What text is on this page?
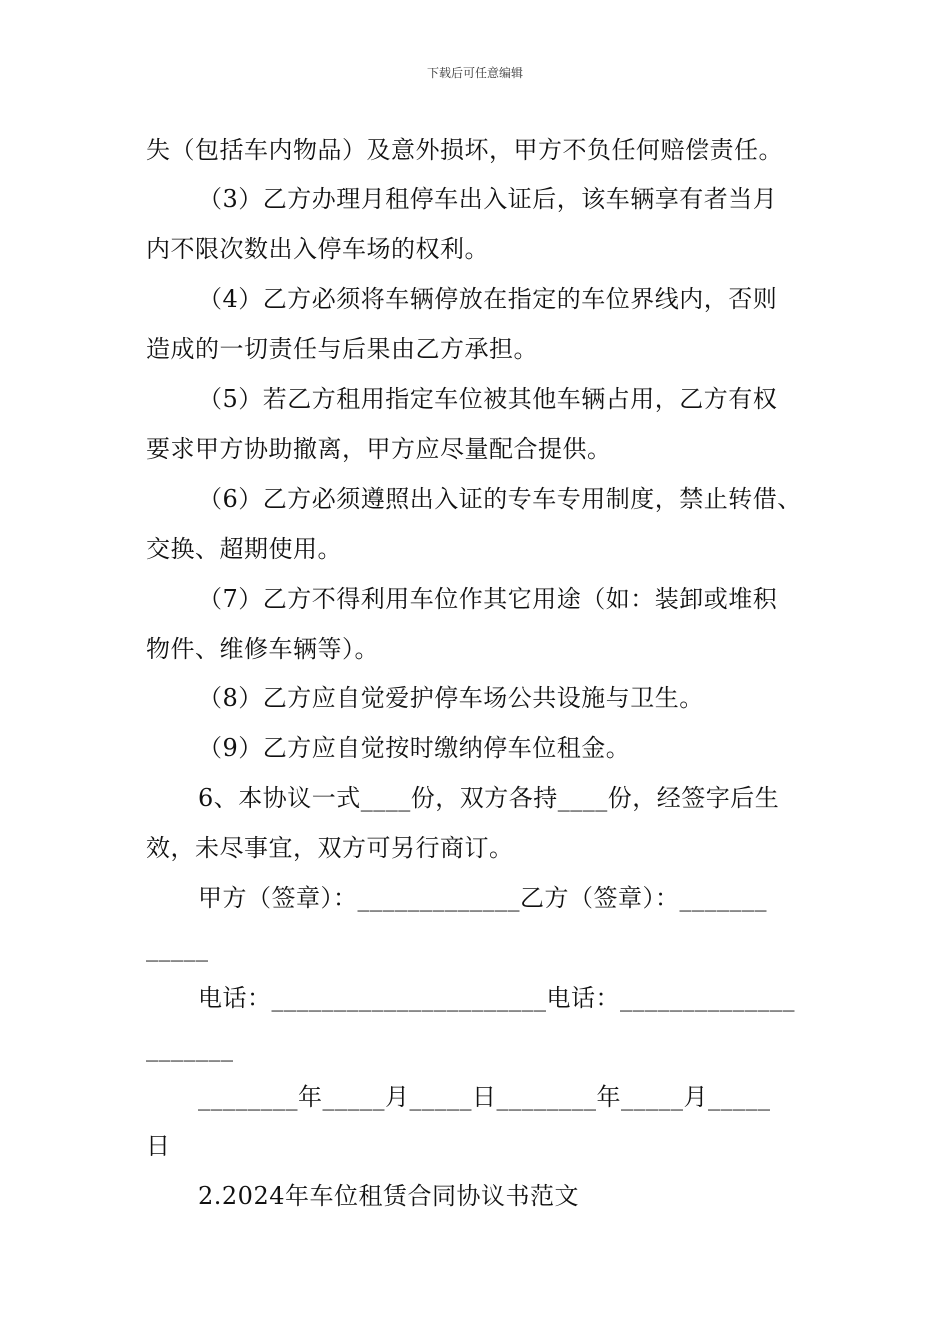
下载后可任意编辑
失（包括车内物品）及意外损坏，甲方不负任何赔偿责任。
（3）乙方办理月租停车出入证后，该车辆享有者当月
内不限次数出入停车场的权利。
（4）乙方必须将车辆停放在指定的车位界线内，否则
造成的一切责任与后果由乙方承担。
（5）若乙方租用指定车位被其他车辆占用，乙方有权
要求甲方协助撤离，甲方应尽量配合提供。
（6）乙方必须遵照出入证的专车专用制度，禁止转借、
交换、超期使用。
（7）乙方不得利用车位作其它用途（如：装卸或堆积
物件、维修车辆等）。
（8）乙方应自觉爱护停车场公共设施与卫生。
（9）乙方应自觉按时缴纳停车位租金。
6、本协议一式____份，双方各持____份，经签字后生
效，未尽事宜，双方可另行商订。
甲方（签章）：_____________乙方（签章）：_______
_____
电话：______________________电话：______________
_______
________年_____月_____日________年_____月_____
日
2.2024年车位租赁合同协议书范文
